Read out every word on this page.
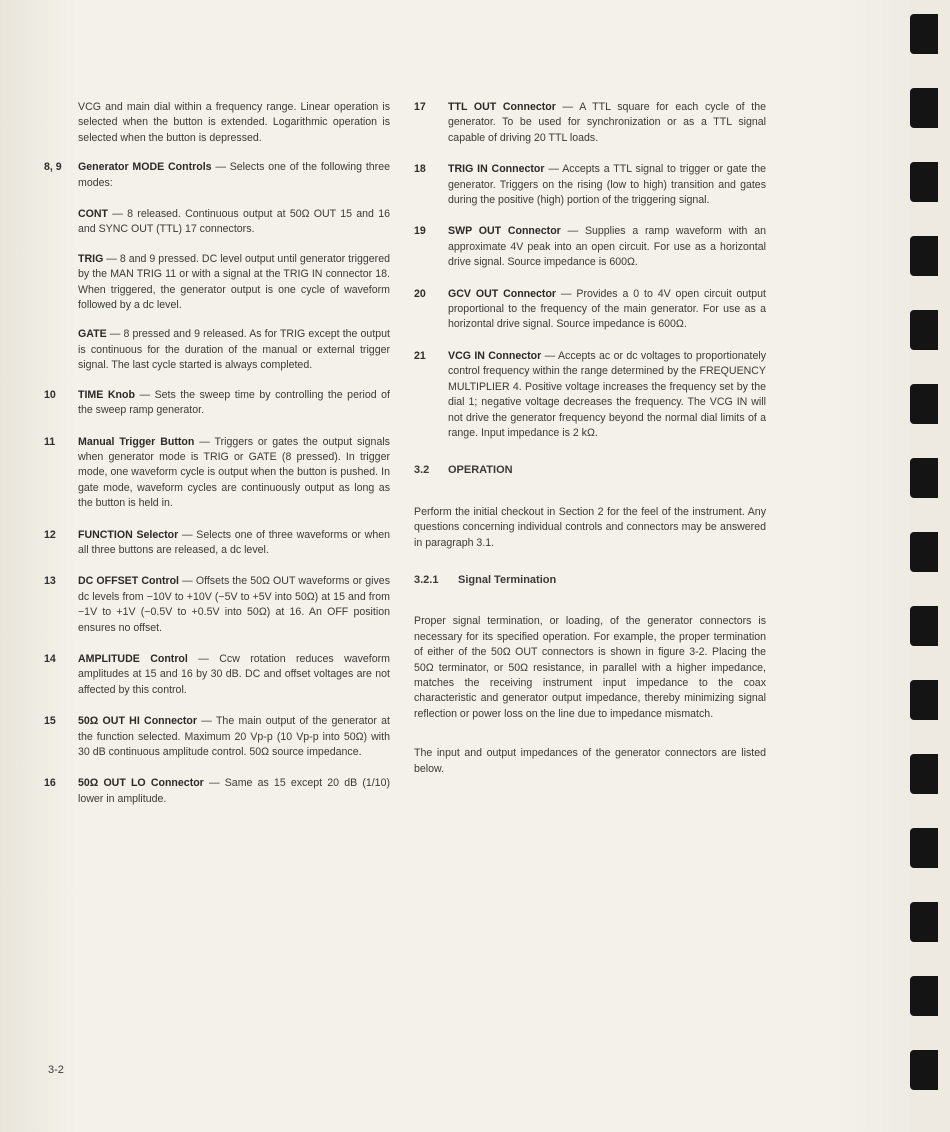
VCG and main dial within a frequency range. Linear operation is selected when the button is extended. Logarithmic operation is selected when the button is depressed.

8, 9	Generator MODE Controls — Selects one of the following three modes:

CONT — 8 released. Continuous output at 50Ω OUT 15 and 16 and SYNC OUT (TTL) 17 connectors.

TRIG — 8 and 9 pressed. DC level output until generator triggered by the MAN TRIG 11 or with a signal at the TRIG IN connector 18. When triggered, the generator output is one cycle of waveform followed by a dc level.

GATE — 8 pressed and 9 released. As for TRIG except the output is continuous for the duration of the manual or external trigger signal. The last cycle started is always completed.

10	TIME Knob — Sets the sweep time by controlling the period of the sweep ramp generator.
11	Manual Trigger Button — Triggers or gates the output signals when generator mode is TRIG or GATE (8 pressed). In trigger mode, one waveform cycle is output when the button is pushed. In gate mode, waveform cycles are continuously output as long as the button is held in.
12	FUNCTION Selector — Selects one of three waveforms or when all three buttons are released, a dc level.
13	DC OFFSET Control — Offsets the 50Ω OUT waveforms or gives dc levels from −10V to +10V (−5V to +5V into 50Ω) at 15 and from −1V to +1V (−0.5V to +0.5V into 50Ω) at 16. An OFF position ensures no offset.
14	AMPLITUDE Control — Ccw rotation reduces waveform amplitudes at 15 and 16 by 30 dB. DC and offset voltages are not affected by this control.
15	50Ω OUT HI Connector — The main output of the generator at the function selected. Maximum 20 Vp-p (10 Vp-p into 50Ω) with 30 dB continuous amplitude control. 50Ω source impedance.
16	50Ω OUT LO Connector — Same as 15 except 20 dB (1/10) lower in amplitude.
17	TTL OUT Connector — A TTL square for each cycle of the generator. To be used for synchronization or as a TTL signal capable of driving 20 TTL loads.
18	TRIG IN Connector — Accepts a TTL signal to trigger or gate the generator. Triggers on the rising (low to high) transition and gates during the positive (high) portion of the triggering signal.
19	SWP OUT Connector — Supplies a ramp waveform with an approximate 4V peak into an open circuit. For use as a horizontal drive signal. Source impedance is 600Ω.
20	GCV OUT Connector — Provides a 0 to 4V open circuit output proportional to the frequency of the main generator. For use as a horizontal drive signal. Source impedance is 600Ω.
21	VCG IN Connector — Accepts ac or dc voltages to proportionately control frequency within the range determined by the FREQUENCY MULTIPLIER 4. Positive voltage increases the frequency set by the dial 1; negative voltage decreases the frequency. The VCG IN will not drive the generator frequency beyond the normal dial limits of a range. Input impedance is 2 kΩ.
3.2	OPERATION

Perform the initial checkout in Section 2 for the feel of the instrument. Any questions concerning individual controls and connectors may be answered in paragraph 3.1.

3.2.1	Signal Termination

Proper signal termination, or loading, of the generator connectors is necessary for its specified operation. For example, the proper termination of either of the 50Ω OUT connectors is shown in figure 3-2. Placing the 50Ω terminator, or 50Ω resistance, in parallel with a higher impedance, matches the receiving instrument input impedance to the coax characteristic and generator output impedance, thereby minimizing signal reflection or power loss on the line due to impedance mismatch.

The input and output impedances of the generator connectors are listed below.

3-2
